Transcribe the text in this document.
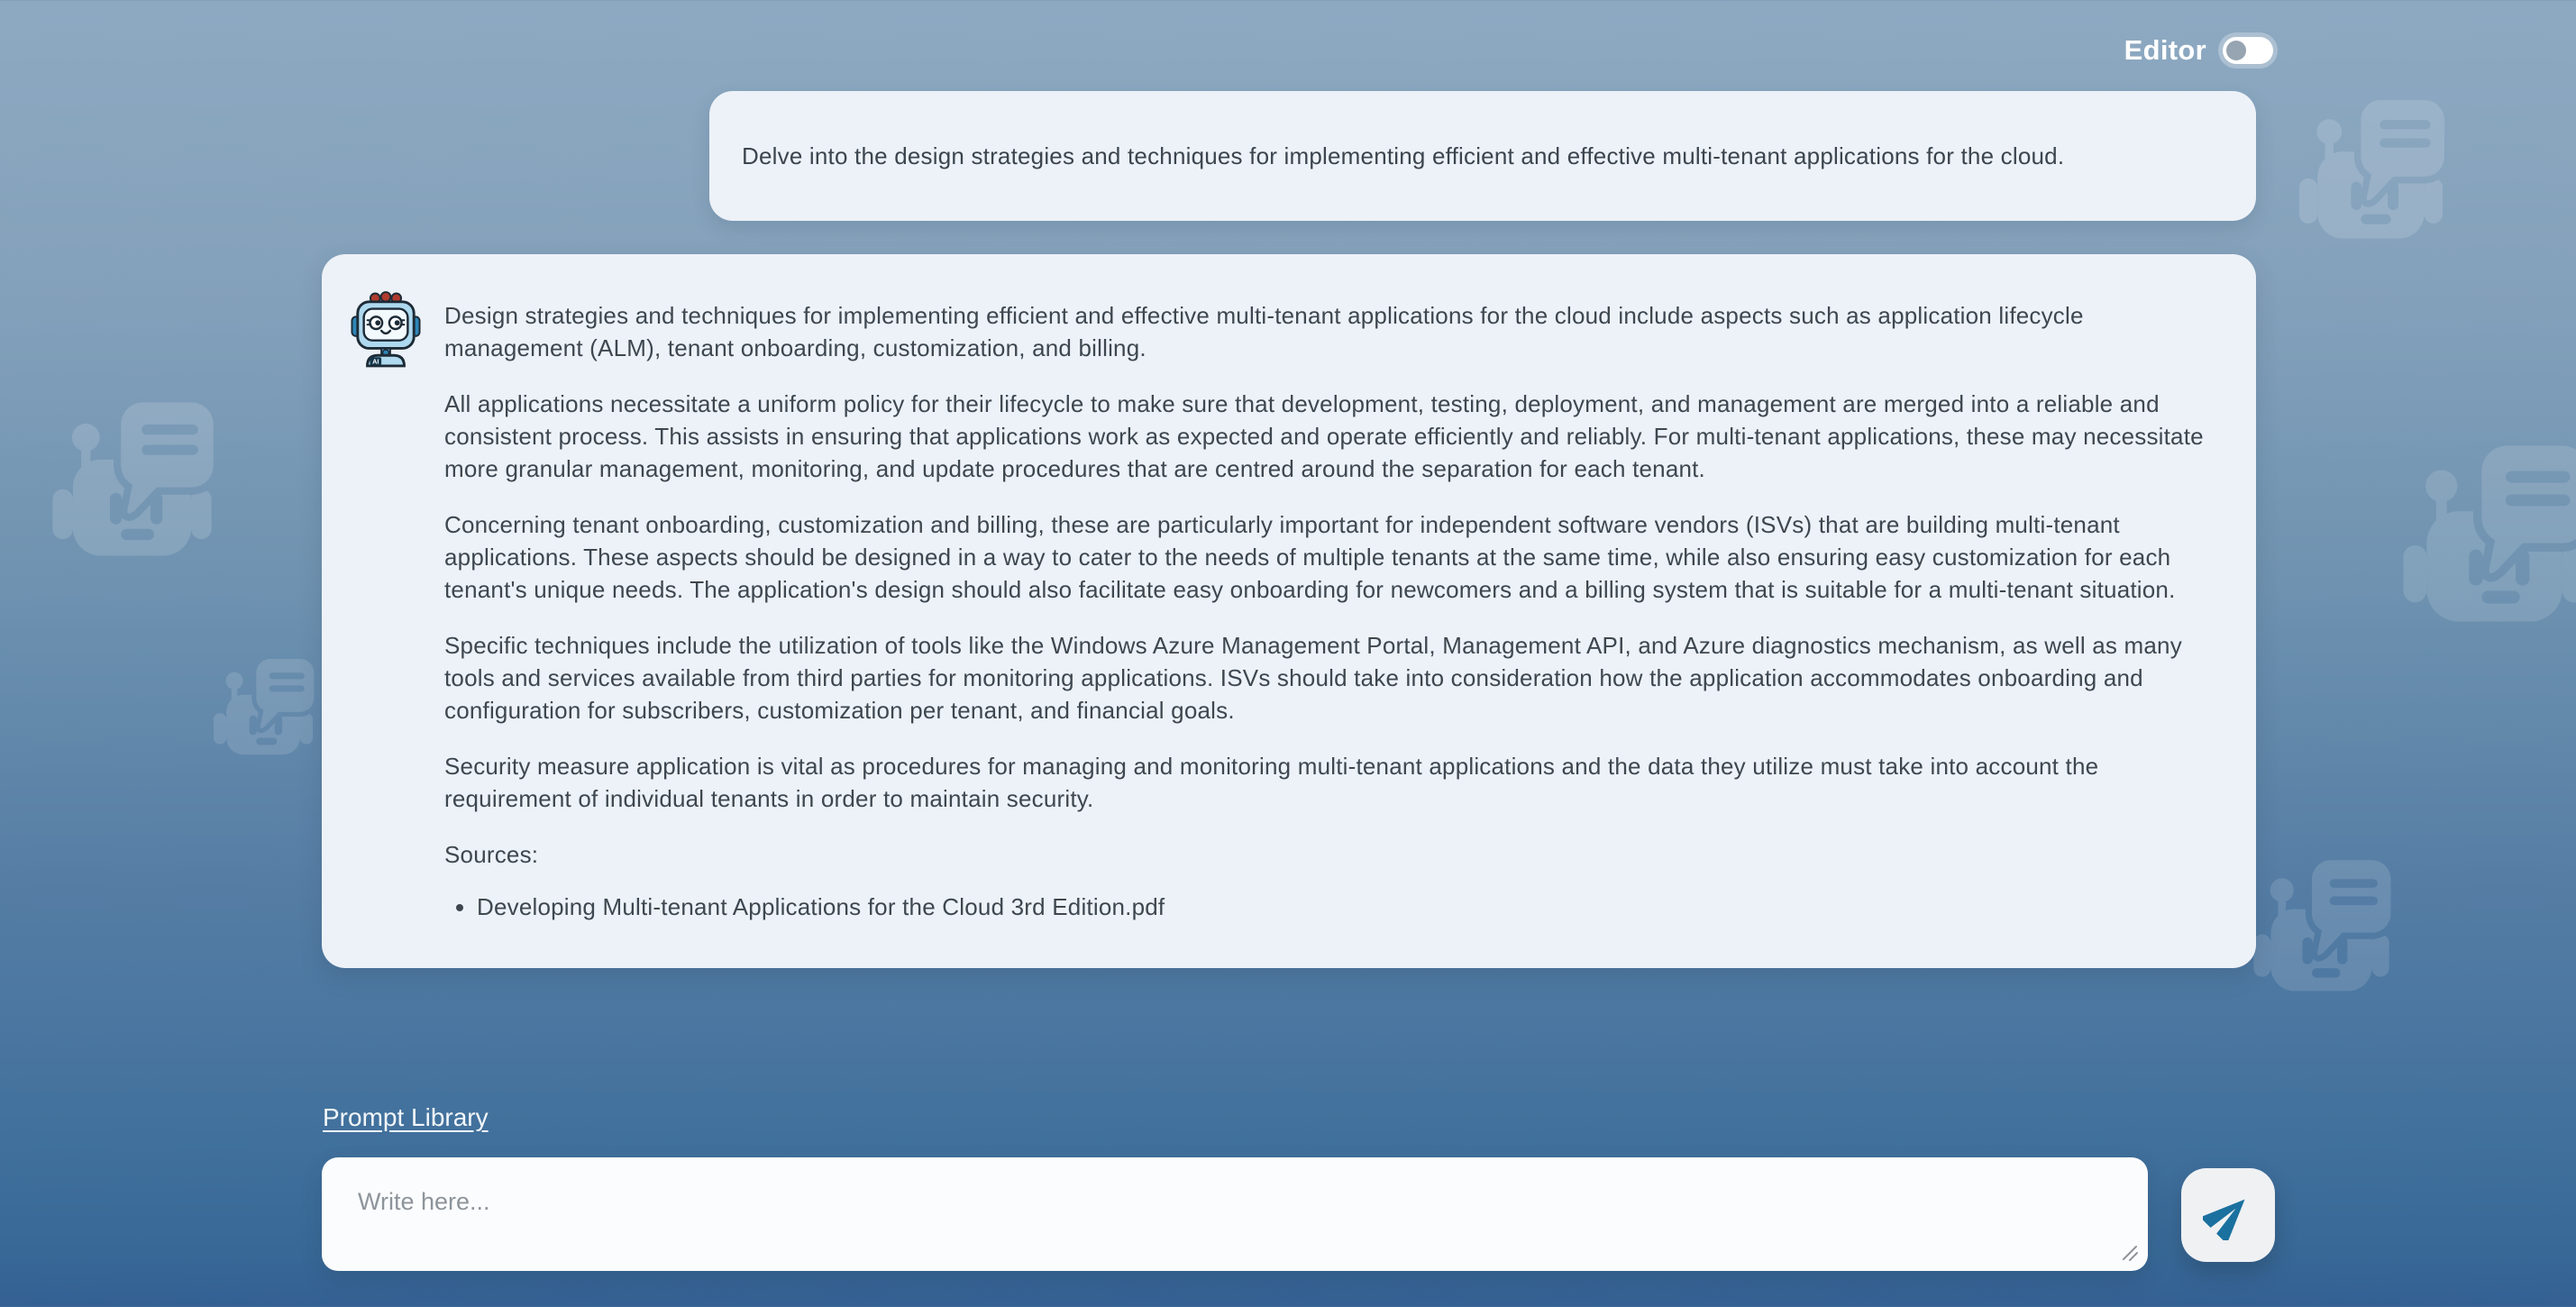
Editor

Delve into the design strategies and techniques for implementing efficient and effective multi-tenant applications for the cloud.

AI

Design strategies and techniques for implementing efficient and effective multi-tenant applications for the cloud include aspects such as application lifecycle management (ALM), tenant onboarding, customization, and billing.

All applications necessitate a uniform policy for their lifecycle to make sure that development, testing, deployment, and management are merged into a reliable and consistent process. This assists in ensuring that applications work as expected and operate efficiently and reliably. For multi-tenant applications, these may necessitate more granular management, monitoring, and update procedures that are centred around the separation for each tenant.

Concerning tenant onboarding, customization and billing, these are particularly important for independent software vendors (ISVs) that are building multi-tenant applications. These aspects should be designed in a way to cater to the needs of multiple tenants at the same time, while also ensuring easy customization for each tenant's unique needs. The application's design should also facilitate easy onboarding for newcomers and a billing system that is suitable for a multi-tenant situation.

Specific techniques include the utilization of tools like the Windows Azure Management Portal, Management API, and Azure diagnostics mechanism, as well as many tools and services available from third parties for monitoring applications. ISVs should take into consideration how the application accommodates onboarding and configuration for subscribers, customization per tenant, and financial goals.

Security measure application is vital as procedures for managing and monitoring multi-tenant applications and the data they utilize must take into account the requirement of individual tenants in order to maintain security.

Sources:

• Developing Multi-tenant Applications for the Cloud 3rd Edition.pdf
Prompt Library
Write here...
